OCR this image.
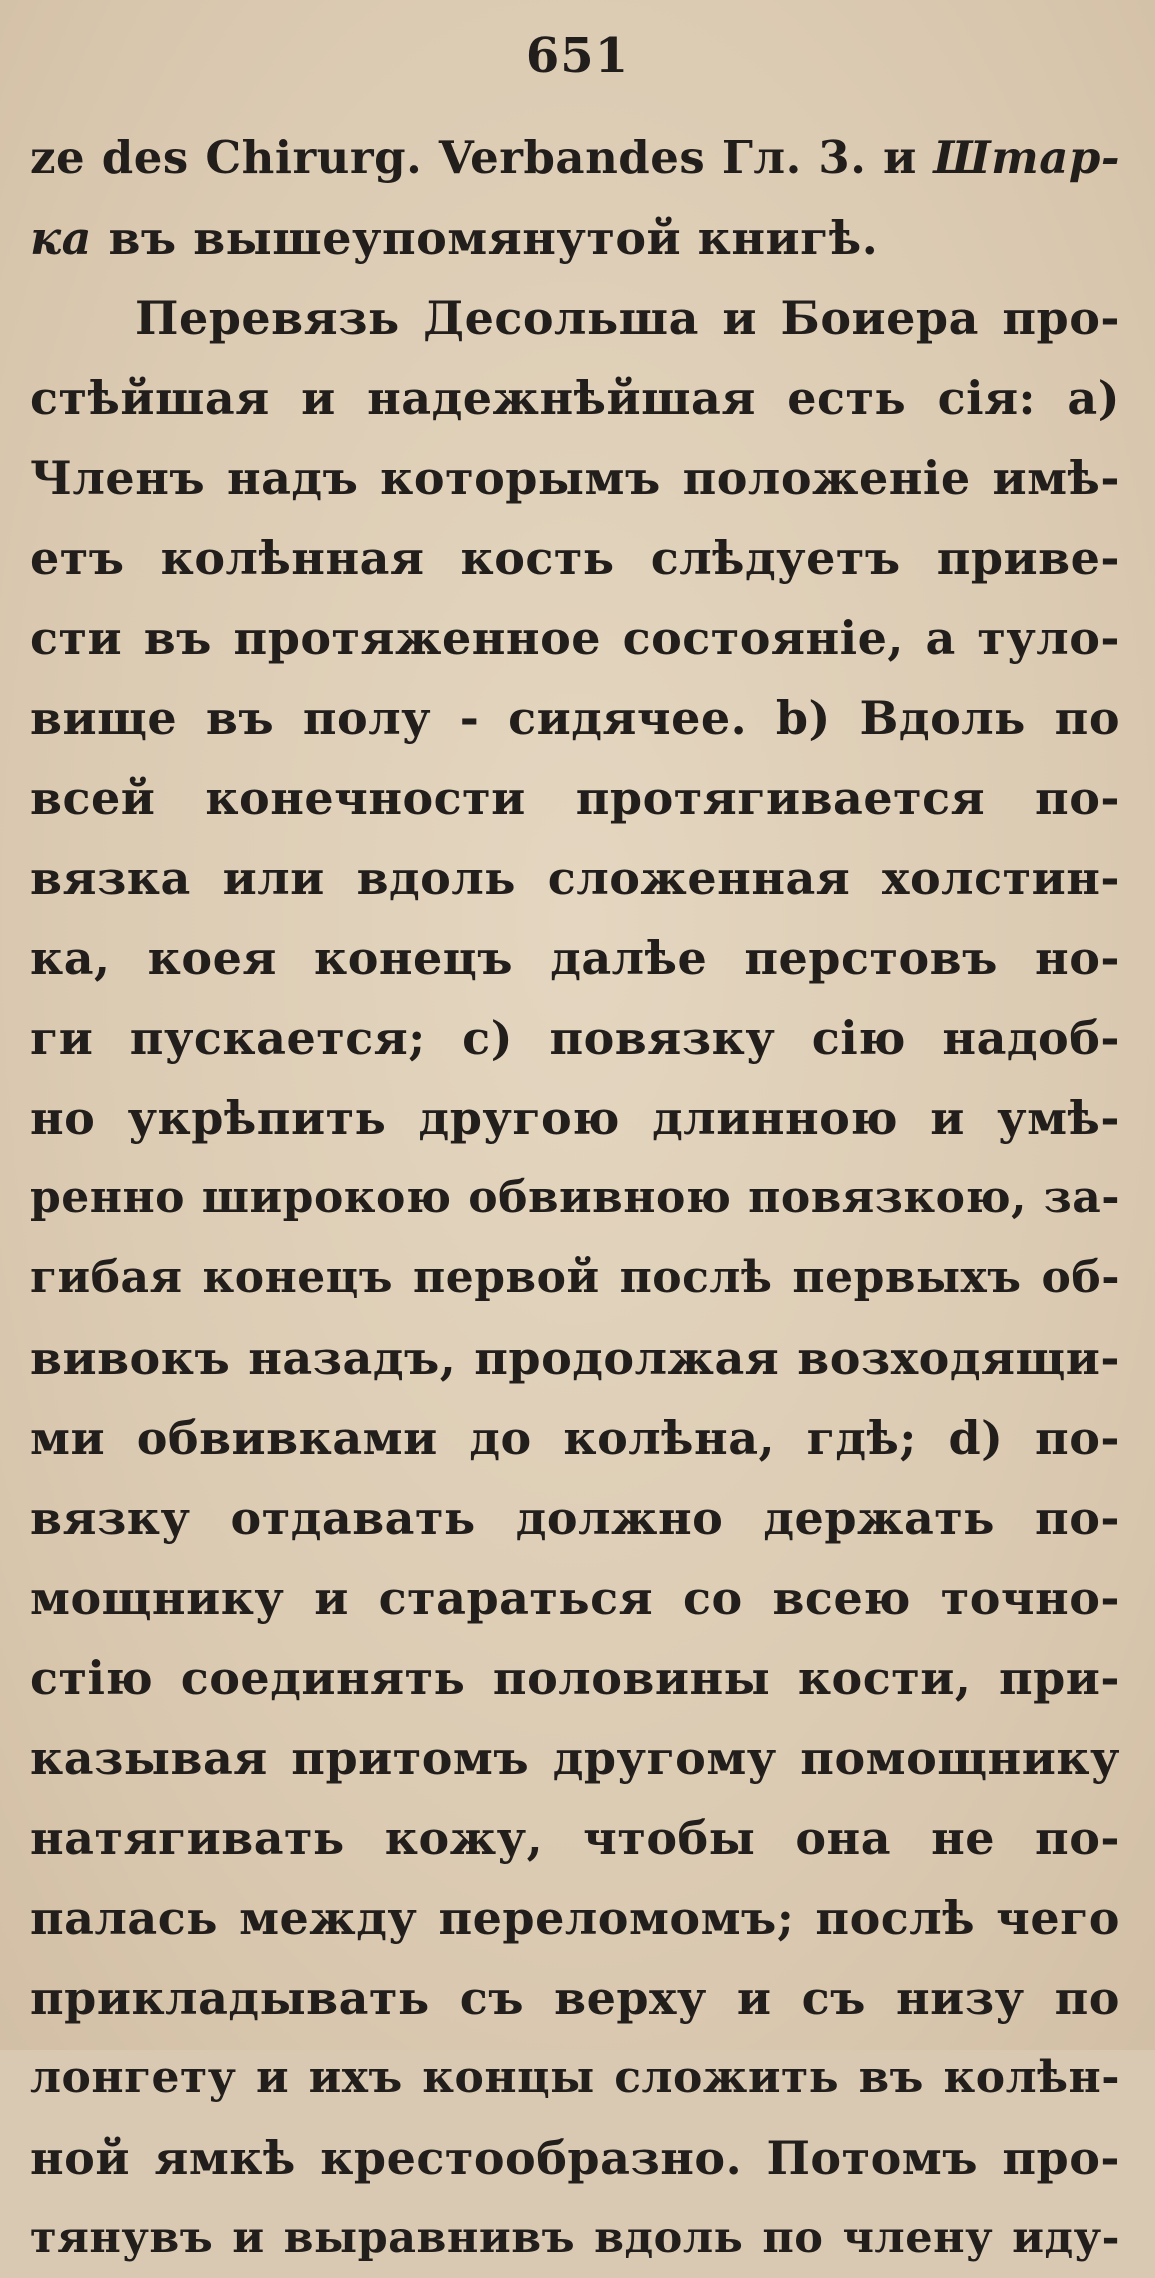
651
ze des Chirurg. Verbandes Гл. 3. и Штар-
ка въ вышеупомянутой книгѣ.
Перевязь Десольша и Боиера про-
стѣйшая и надежнѣйшая есть сія: a)
Членъ надъ которымъ положеніе имѣ-
етъ колѣнная кость слѣдуетъ приве-
сти въ протяженное состояніе, а туло-
вище въ полу - сидячее. b) Вдоль по
всей конечности протягивается по-
вязка или вдоль сложенная холстин-
ка, коея конецъ далѣе перстовъ но-
ги пускается; c) повязку сію надоб-
но укрѣпить другою длинною и умѣ-
ренно широкою обвивною повязкою, за-
гибая конецъ первой послѣ первыхъ об-
вивокъ назадъ, продолжая возходящи-
ми обвивками до колѣна, гдѣ; d) по-
вязку отдавать должно держать по-
мощнику и стараться со всею точно-
стію соединять половины кости, при-
казывая притомъ другому помощнику
натягивать кожу, чтобы она не по-
палась между переломомъ; послѣ чего
прикладывать съ верху и съ низу по
лонгету и ихъ концы сложить въ колѣн-
ной ямкѣ крестообразно. Потомъ про-
тянувъ и выравнивъ вдоль по члену иду-
